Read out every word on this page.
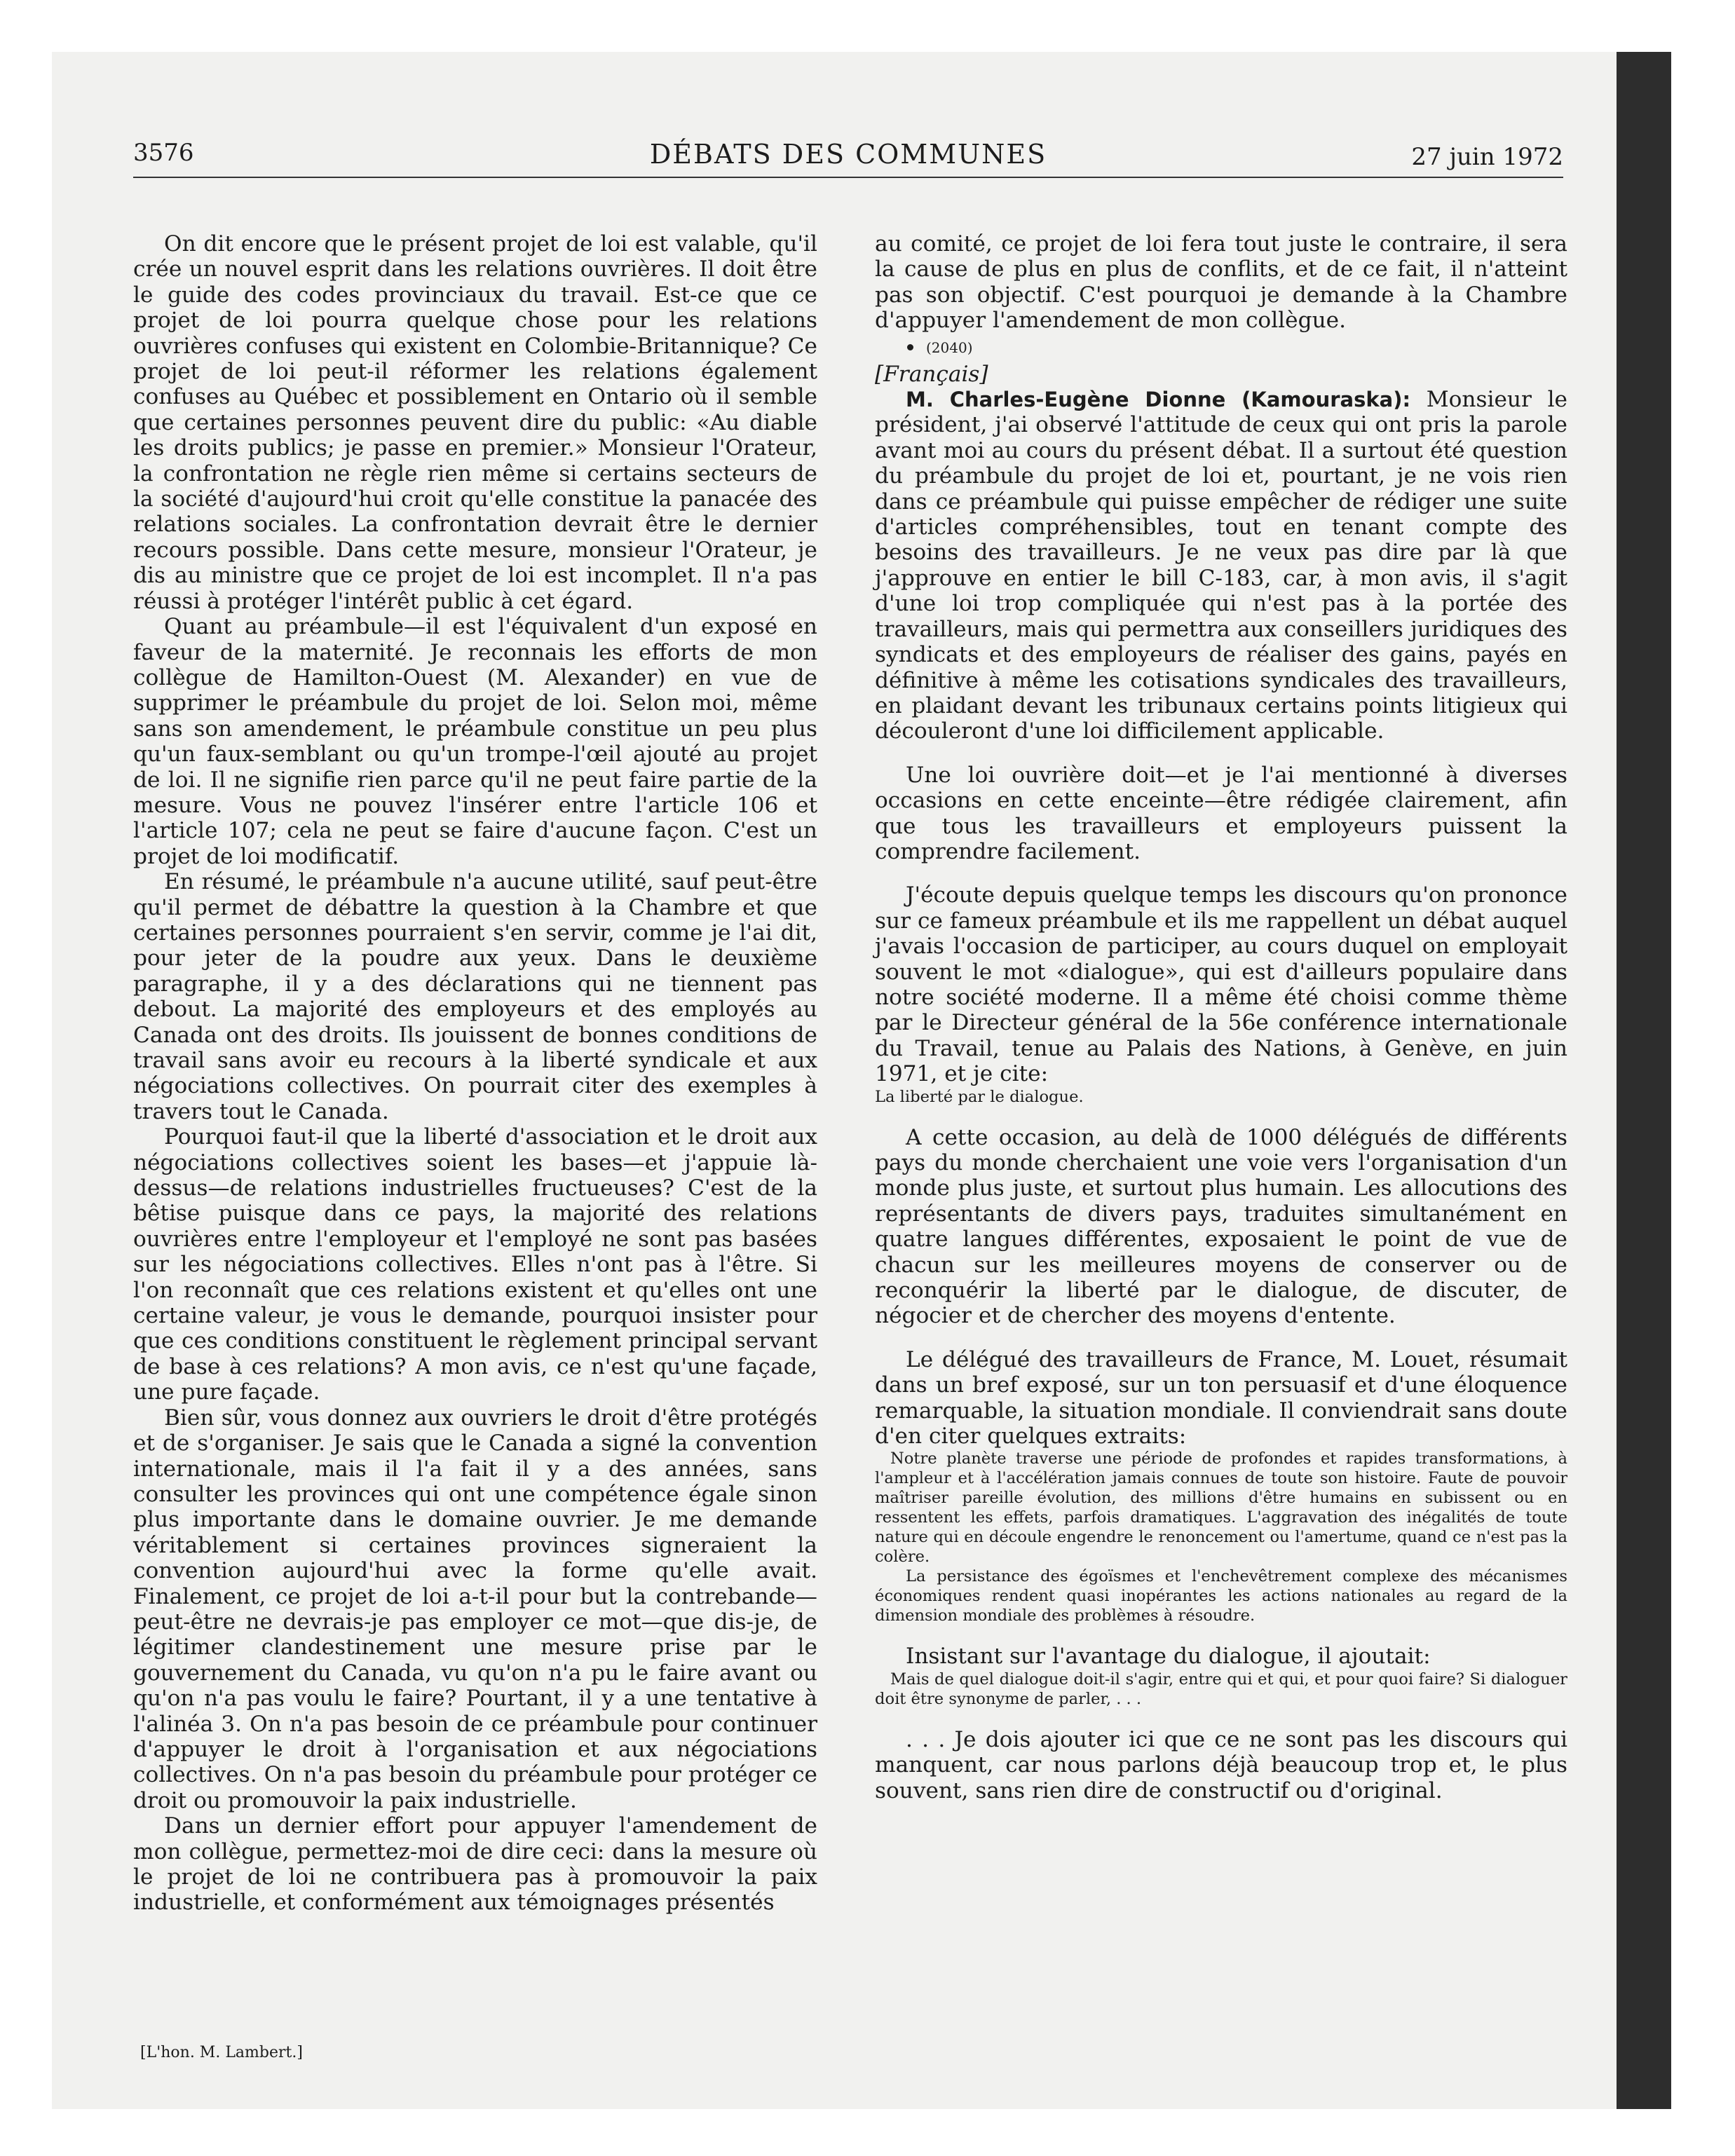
3576	DÉBATS DES COMMUNES	27 juin 1972

On dit encore que le présent projet de loi est valable, qu'il crée un nouvel esprit dans les relations ouvrières. Il doit être le guide des codes provinciaux du travail. Est-ce que ce projet de loi pourra quelque chose pour les relations ouvrières confuses qui existent en Colombie-Britannique? Ce projet de loi peut-il réformer les relations également confuses au Québec et possiblement en Ontario où il semble que certaines personnes peuvent dire du public: «Au diable les droits publics; je passe en premier.» Monsieur l'Orateur, la confrontation ne règle rien même si certains secteurs de la société d'aujourd'hui croit qu'elle constitue la panacée des relations sociales. La confrontation devrait être le dernier recours possible. Dans cette mesure, monsieur l'Orateur, je dis au ministre que ce projet de loi est incomplet. Il n'a pas réussi à protéger l'intérêt public à cet égard.

Quant au préambule—il est l'équivalent d'un exposé en faveur de la maternité. Je reconnais les efforts de mon collègue de Hamilton-Ouest (M. Alexander) en vue de supprimer le préambule du projet de loi. Selon moi, même sans son amendement, le préambule constitue un peu plus qu'un faux-semblant ou qu'un trompe-l'œil ajouté au projet de loi. Il ne signifie rien parce qu'il ne peut faire partie de la mesure. Vous ne pouvez l'insérer entre l'article 106 et l'article 107; cela ne peut se faire d'aucune façon. C'est un projet de loi modificatif.

En résumé, le préambule n'a aucune utilité, sauf peut-être qu'il permet de débattre la question à la Chambre et que certaines personnes pourraient s'en servir, comme je l'ai dit, pour jeter de la poudre aux yeux. Dans le deuxième paragraphe, il y a des déclarations qui ne tiennent pas debout. La majorité des employeurs et des employés au Canada ont des droits. Ils jouissent de bonnes conditions de travail sans avoir eu recours à la liberté syndicale et aux négociations collectives. On pourrait citer des exemples à travers tout le Canada.

Pourquoi faut-il que la liberté d'association et le droit aux négociations collectives soient les bases—et j'appuie là-dessus—de relations industrielles fructueuses? C'est de la bêtise puisque dans ce pays, la majorité des relations ouvrières entre l'employeur et l'employé ne sont pas basées sur les négociations collectives. Elles n'ont pas à l'être. Si l'on reconnaît que ces relations existent et qu'elles ont une certaine valeur, je vous le demande, pourquoi insister pour que ces conditions constituent le règlement principal servant de base à ces relations? A mon avis, ce n'est qu'une façade, une pure façade.

Bien sûr, vous donnez aux ouvriers le droit d'être protégés et de s'organiser. Je sais que le Canada a signé la convention internationale, mais il l'a fait il y a des années, sans consulter les provinces qui ont une compétence égale sinon plus importante dans le domaine ouvrier. Je me demande véritablement si certaines provinces signeraient la convention aujourd'hui avec la forme qu'elle avait. Finalement, ce projet de loi a-t-il pour but la contrebande—peut-être ne devrais-je pas employer ce mot—que dis-je, de légitimer clandestinement une mesure prise par le gouvernement du Canada, vu qu'on n'a pu le faire avant ou qu'on n'a pas voulu le faire? Pourtant, il y a une tentative à l'alinéa 3. On n'a pas besoin de ce préambule pour continuer d'appuyer le droit à l'organisation et aux négociations collectives. On n'a pas besoin du préambule pour protéger ce droit ou promouvoir la paix industrielle.

Dans un dernier effort pour appuyer l'amendement de mon collègue, permettez-moi de dire ceci: dans la mesure où le projet de loi ne contribuera pas à promouvoir la paix industrielle, et conformément aux témoignages présentés

[L'hon. M. Lambert.]

au comité, ce projet de loi fera tout juste le contraire, il sera la cause de plus en plus de conflits, et de ce fait, il n'atteint pas son objectif. C'est pourquoi je demande à la Chambre d'appuyer l'amendement de mon collègue.

(2040)

[Français]

M. Charles-Eugène Dionne (Kamouraska): Monsieur le président, j'ai observé l'attitude de ceux qui ont pris la parole avant moi au cours du présent débat. Il a surtout été question du préambule du projet de loi et, pourtant, je ne vois rien dans ce préambule qui puisse empêcher de rédiger une suite d'articles compréhensibles, tout en tenant compte des besoins des travailleurs. Je ne veux pas dire par là que j'approuve en entier le bill C-183, car, à mon avis, il s'agit d'une loi trop compliquée qui n'est pas à la portée des travailleurs, mais qui permettra aux conseillers juridiques des syndicats et des employeurs de réaliser des gains, payés en définitive à même les cotisations syndicales des travailleurs, en plaidant devant les tribunaux certains points litigieux qui découleront d'une loi difficilement applicable.

Une loi ouvrière doit—et je l'ai mentionné à diverses occasions en cette enceinte—être rédigée clairement, afin que tous les travailleurs et employeurs puissent la comprendre facilement.

J'écoute depuis quelque temps les discours qu'on prononce sur ce fameux préambule et ils me rappellent un débat auquel j'avais l'occasion de participer, au cours duquel on employait souvent le mot «dialogue», qui est d'ailleurs populaire dans notre société moderne. Il a même été choisi comme thème par le Directeur général de la 56e conférence internationale du Travail, tenue au Palais des Nations, à Genève, en juin 1971, et je cite:

La liberté par le dialogue.

A cette occasion, au delà de 1000 délégués de différents pays du monde cherchaient une voie vers l'organisation d'un monde plus juste, et surtout plus humain. Les allocutions des représentants de divers pays, traduites simultanément en quatre langues différentes, exposaient le point de vue de chacun sur les meilleures moyens de conserver ou de reconquérir la liberté par le dialogue, de discuter, de négocier et de chercher des moyens d'entente.

Le délégué des travailleurs de France, M. Louet, résumait dans un bref exposé, sur un ton persuasif et d'une éloquence remarquable, la situation mondiale. Il conviendrait sans doute d'en citer quelques extraits:

Notre planète traverse une période de profondes et rapides transformations, à l'ampleur et à l'accélération jamais connues de toute son histoire. Faute de pouvoir maîtriser pareille évolution, des millions d'être humains en subissent ou en ressentent les effets, parfois dramatiques. L'aggravation des inégalités de toute nature qui en découle engendre le renoncement ou l'amertume, quand ce n'est pas la colère.

La persistance des égoïsmes et l'enchevêtrement complexe des mécanismes économiques rendent quasi inopérantes les actions nationales au regard de la dimension mondiale des problèmes à résoudre.

Insistant sur l'avantage du dialogue, il ajoutait:

Mais de quel dialogue doit-il s'agir, entre qui et qui, et pour quoi faire? Si dialoguer doit être synonyme de parler, . . .

. . . Je dois ajouter ici que ce ne sont pas les discours qui manquent, car nous parlons déjà beaucoup trop et, le plus souvent, sans rien dire de constructif ou d'original.
